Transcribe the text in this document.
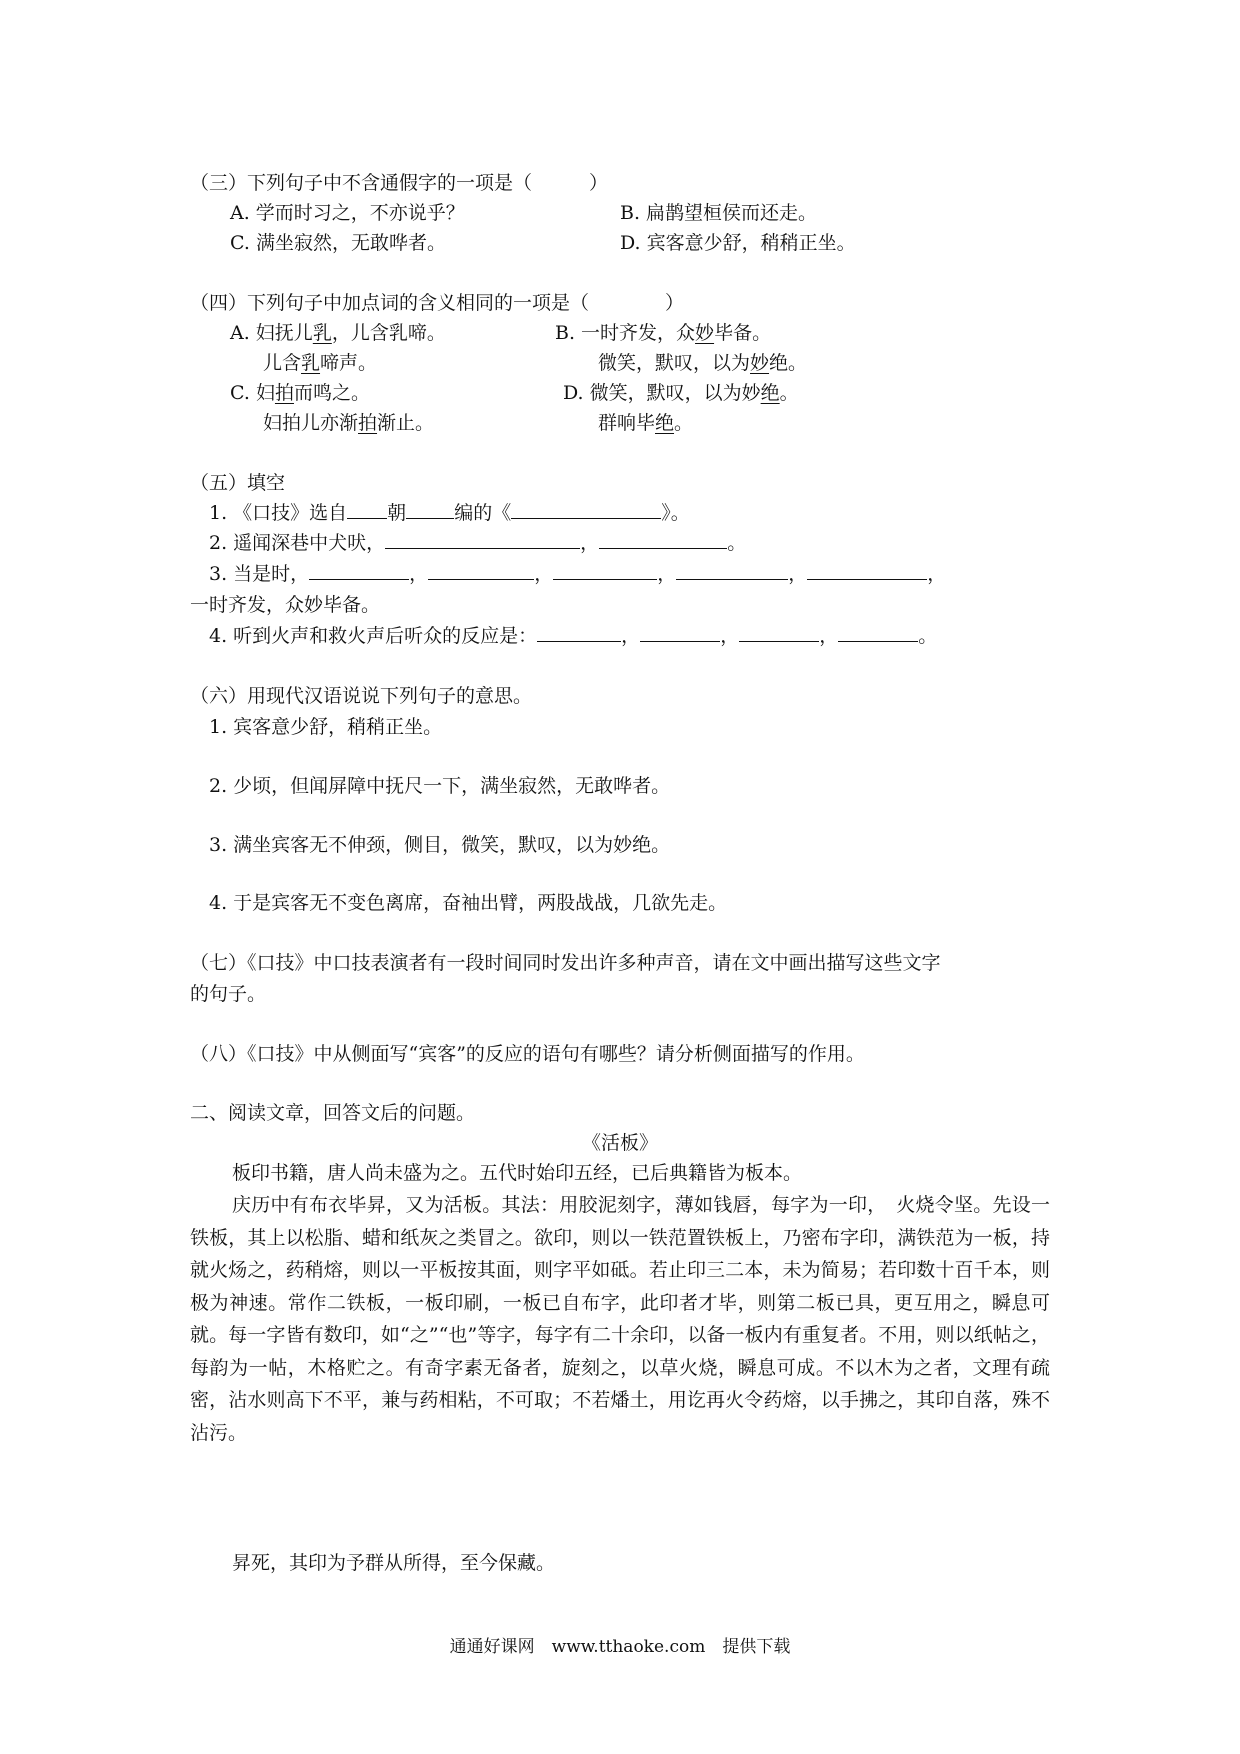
（三）下列句子中不含通假字的一项是（　　　）
A. 学而时习之，不亦说乎？	B. 扁鹊望桓侯而还走。
C. 满坐寂然，无敢哗者。	D. 宾客意少舒，稍稍正坐。
（四）下列句子中加点词的含义相同的一项是（　　　　）
A. 妇抚儿乳，儿含乳啼。
儿含乳啼声。
B. 一时齐发，众妙毕备。
微笑，默叹，以为妙绝。
C. 妇拍而鸣之。
妇拍儿亦渐拍渐止。
D. 微笑，默叹，以为妙绝。
群响毕绝。
（五）填空
1. 《口技》选自 朝	编的《	》。
2. 遥闻深巷中犬吠，	，	。
3. 当是时，	，	，	，	，	，
一时齐发，众妙毕备。
4. 听到火声和救火声后听众的反应是：	，	，	，	。
（六）用现代汉语说说下列句子的意思。
1. 宾客意少舒，稍稍正坐。
2. 少顷，但闻屏障中抚尺一下，满坐寂然，无敢哗者。
3. 满坐宾客无不伸颈，侧目，微笑，默叹，以为妙绝。
4. 于是宾客无不变色离席，奋袖出臂，两股战战，几欲先走。
（七）《口技》中口技表演者有一段时间同时发出许多种声音，请在文中画出描写这些文字
的句子。
（八）《口技》中从侧面写“宾客”的反应的语句有哪些？请分析侧面描写的作用。
二、阅读文章，回答文后的问题。
《活板》
板印书籍，唐人尚未盛为之。五代时始印五经，已后典籍皆为板本。
庆历中有布衣毕昇，又为活板。其法：用胶泥刻字，薄如钱唇，每字为一印，　火烧令坚。先设一铁板，其上以松脂、蜡和纸灰之类冒之。欲印，则以一铁范置铁板上，乃密布字印，满铁范为一板，持就火炀之，药稍熔，则以一平板按其面，则字平如砥。若止印三二本，未为简易；若印数十百千本，则极为神速。常作二铁板，一板印刷，一板已自布字，此印者才毕，则第二板已具，更互用之，瞬息可就。每一字皆有数印，如“之”“也”等字，每字有二十余印，以备一板内有重复者。不用，则以纸帖之，每韵为一帖，木格贮之。有奇字素无备者，旋刻之，以草火烧，瞬息可成。不以木为之者，文理有疏密，沾水则高下不平，兼与药相粘，不可取；不若燔土，用讫再火令药熔，以手拂之，其印自落，殊不沾污。
昇死，其印为予群从所得，至今保藏。
通通好课网　www.tthaoke.com　提供下载
